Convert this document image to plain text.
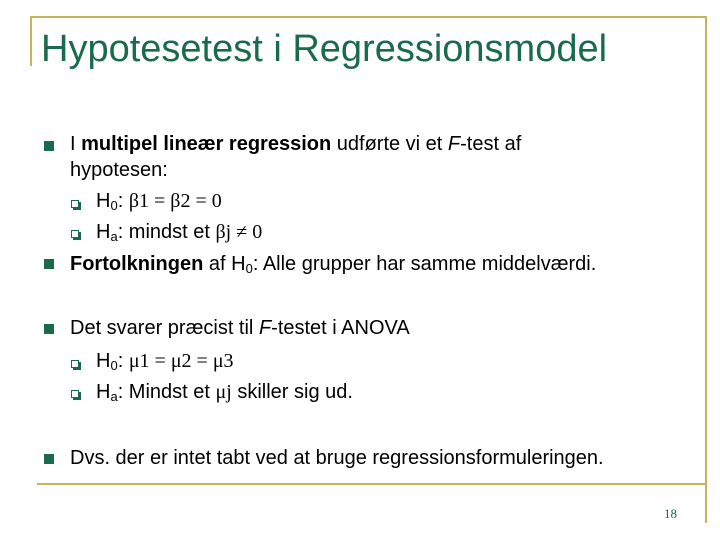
Hypotesetest i Regressionsmodel
I multipel lineær regression udførte vi et F-test af
hypotesen:
$H_0$: β1 = β2 = 0
$H_a$: mindst et βj ≠ 0
Fortolkningen af $H_0$: Alle grupper har samme middelværdi.
Det svarer præcist til F-testet i ANOVA
$H_0$: μ1 = μ2 = μ3
$H_a$: Mindst et μj skiller sig ud.
Dvs. der er intet tabt ved at bruge regressionsformuleringen.
18
